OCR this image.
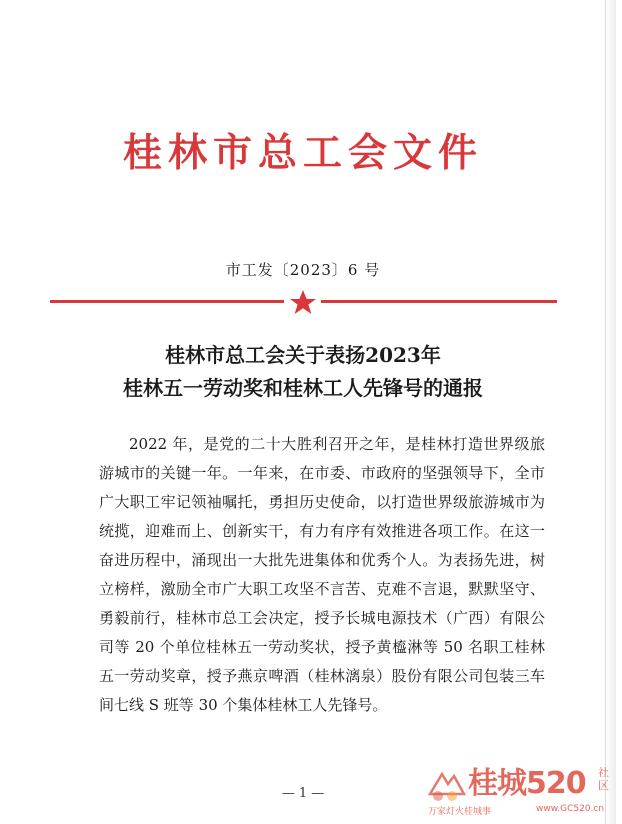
桂林市总工会文件
市工发〔2023〕6 号
桂林市总工会关于表扬2023年
桂林五一劳动奖和桂林工人先锋号的通报

2022 年，是党的二十大胜利召开之年，是桂林打造世界级旅游城市的关键一年。一年来，在市委、市政府的坚强领导下，全市广大职工牢记领袖嘱托，勇担历史使命，以打造世界级旅游城市为统揽，迎难而上、创新实干，有力有序有效推进各项工作。在这一奋进历程中，涌现出一大批先进集体和优秀个人。为表扬先进，树立榜样，激励全市广大职工攻坚不言苦、克难不言退，默默坚守、勇毅前行，桂林市总工会决定，授予长城电源技术（广西）有限公司等 20 个单位桂林五一劳动奖状，授予黄橀淋等 50 名职工桂林五一劳动奖章，授予燕京啤酒（桂林漓泉）股份有限公司包装三车间七线 S 班等 30 个集体桂林工人先锋号。

— 1 —	桂城520 社区
万家灯火桂城事	www.GC520.cn
